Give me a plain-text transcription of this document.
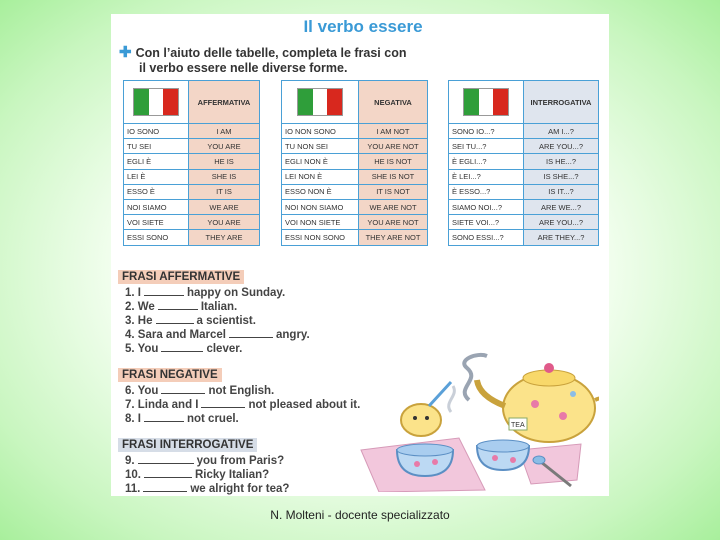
Il verbo essere
✚ Con l’aiuto delle tabelle, completa le frasi con
il verbo essere nelle diverse forme.
	AFFERMATIVA
IO SONO	I AM
TU SEI	YOU ARE
EGLI È	HE IS
LEI È	SHE IS
ESSO È	IT IS
NOI SIAMO	WE ARE
VOI SIETE	YOU ARE
ESSI SONO	THEY ARE
	NEGATIVA
IO NON SONO	I AM NOT
TU NON SEI	YOU ARE NOT
EGLI NON È	HE IS NOT
LEI NON È	SHE IS NOT
ESSO NON È	IT IS NOT
NOI NON SIAMO	WE ARE NOT
VOI NON SIETE	YOU ARE NOT
ESSI NON SONO	THEY ARE NOT
	INTERROGATIVA
SONO IO...?	AM I...?
SEI TU...?	ARE YOU...?
È EGLI...?	IS HE...?
È LEI...?	IS SHE...?
È ESSO...?	IS IT...?
SIAMO NOI...?	ARE WE...?
SIETE VOI...?	ARE YOU...?
SONO ESSI...?	ARE THEY...?
FRASI AFFERMATIVE
1. I	happy on Sunday.
2. We	Italian.
3. He	a scientist.
4. Sara and Marcel	angry.
5. You	clever.
FRASI NEGATIVE
6. You	not English.
7. Linda and I	not pleased about it.
8. I	not cruel.
FRASI INTERROGATIVE
9.	you from Paris?
10.	Ricky Italian?
11.	we alright for tea?
TEA
N. Molteni - docente specializzato
